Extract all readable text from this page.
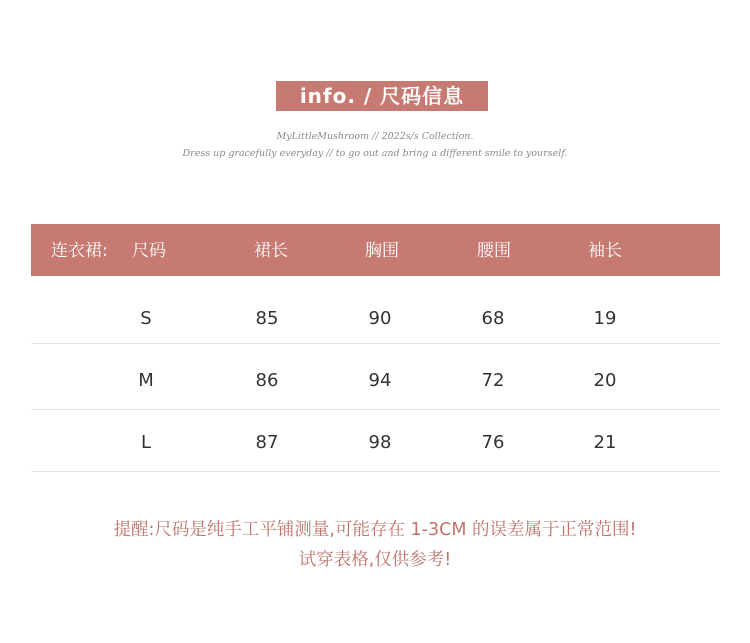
info. / 尺码信息
MyLittleMushroom // 2022s/s Collection.
Dress up gracefully everyday // to go out and bring a different smile to yourself.
连衣裙: 尺码	裙长	胸围	腰围	袖长
S	85	90	68	19
M	86	94	72	20
L	87	98	76	21
提醒:尺码是纯手工平铺测量,可能存在 1-3CM 的误差属于正常范围!
试穿表格,仅供参考!
